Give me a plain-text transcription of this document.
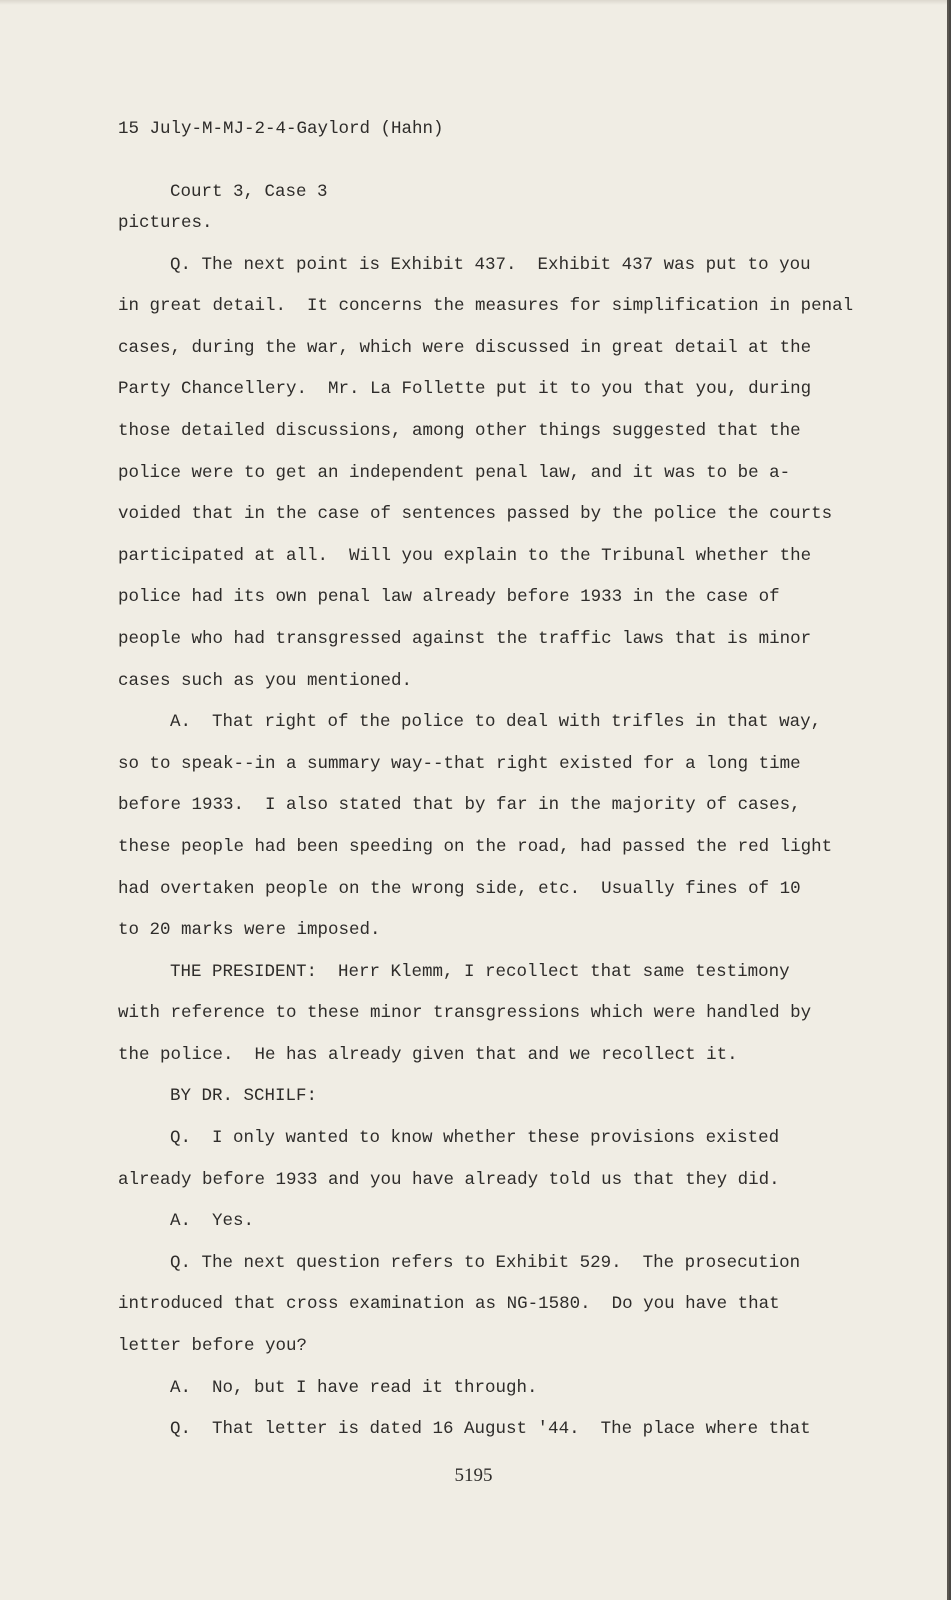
15 July-M-MJ-2-4-Gaylord (Hahn)

Court 3, Case 3

pictures.

Q. The next point is Exhibit 437.  Exhibit 437 was put to you

in great detail.  It concerns the measures for simplification in penal

cases, during the war, which were discussed in great detail at the

Party Chancellery.  Mr. La Follette put it to you that you, during

those detailed discussions, among other things suggested that the

police were to get an independent penal law, and it was to be a-

voided that in the case of sentences passed by the police the courts

participated at all.  Will you explain to the Tribunal whether the

police had its own penal law already before 1933 in the case of

people who had transgressed against the traffic laws that is minor

cases such as you mentioned.

A.  That right of the police to deal with trifles in that way,

so to speak--in a summary way--that right existed for a long time

before 1933.  I also stated that by far in the majority of cases,

these people had been speeding on the road, had passed the red light

had overtaken people on the wrong side, etc.  Usually fines of 10

to 20 marks were imposed.

THE PRESIDENT:  Herr Klemm, I recollect that same testimony

with reference to these minor transgressions which were handled by

the police.  He has already given that and we recollect it.

BY DR. SCHILF:

Q.  I only wanted to know whether these provisions existed

already before 1933 and you have already told us that they did.

A.  Yes.

Q. The next question refers to Exhibit 529.  The prosecution

introduced that cross examination as NG-1580.  Do you have that

letter before you?

A.  No, but I have read it through.

Q.  That letter is dated 16 August '44.  The place where that

5195
